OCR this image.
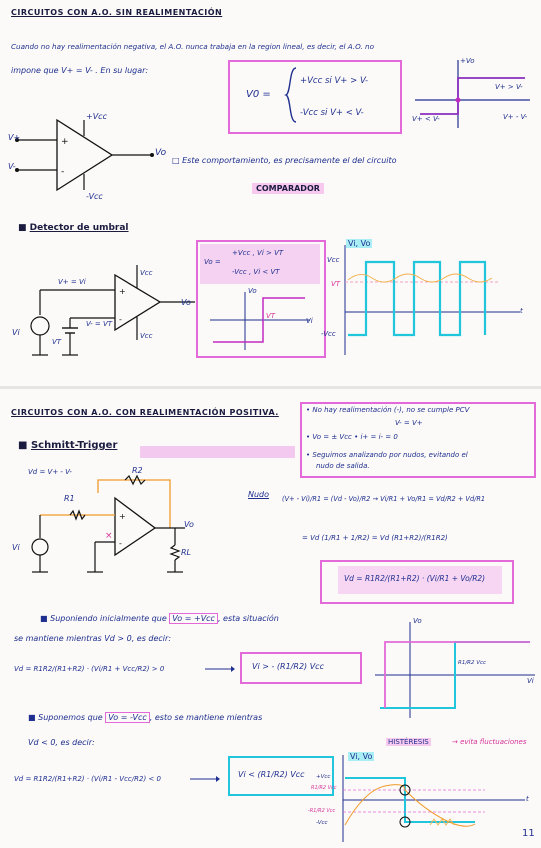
CIRCUITOS CON A.O. SIN REALIMENTACIÓN
Cuando no hay realimentación negativa, el A.O. nunca trabaja en la region lineal, es decir, el A.O. no
impone que V+ = V- . En su lugar:
V0 =
+Vcc si V+ > V-
-Vcc si V+ < V-
+Vo
V+ > V-
V+ < V-	V+ - V-
+
-
+Vcc
-Vcc
V+
V-
Vo
□ Este comportamiento, es precisamente el del circuito
COMPARADOR
■ Detector de umbral
+
-
V+ = Vi
V- = VT
Vi
VT
Vcc
Vcc
Vo
Vo =
+Vcc , Vi > VT
-Vcc , Vi < VT
Vo
VT
Vi
Vi, Vo
Vcc
VT
-Vcc
t
CIRCUITOS CON A.O. CON REALIMENTACIÓN POSITIVA.	• No hay realimentación (-), no se cumple PCV
V- = V+
• Vo = ± Vcc • i+ = i- = 0
• Seguimos analizando por nudos, evitando el
nudo de salida.
■ Schmitt-Trigger
Vd = V+ - V-
+
-
×
R1
R2
RL
Vi
Vo
Nudo (V+ - Vi)/R1 = (Vd - Vo)/R2 → Vi/R1 + Vo/R1 = Vd/R2 + Vd/R1
= Vd (1/R1 + 1/R2) = Vd (R1+R2)/(R1R2)
Vd = R1R2/(R1+R2) · (Vi/R1 + Vo/R2)
■ Suponiendo inicialmente que Vo = +Vcc , esta situación
se mantiene mientras Vd > 0, es decir:
Vd = R1R2/(R1+R2) · (Vi/R1 + Vcc/R2) > 0	Vi > - (R1/R2) Vcc
Vo
R1/R2 Vcc
Vi
■ Suponemos que Vo = -Vcc , esto se mantiene mientras
Vd < 0, es decir:	HISTÉRESIS	→ evita fluctuaciones
Vd = R1R2/(R1+R2) · (Vi/R1 - Vcc/R2) < 0	Vi < (R1/R2) Vcc
Vi, Vo
+Vcc
R1/R2 Vcc
-R1/R2 Vcc
-Vcc
t
11
